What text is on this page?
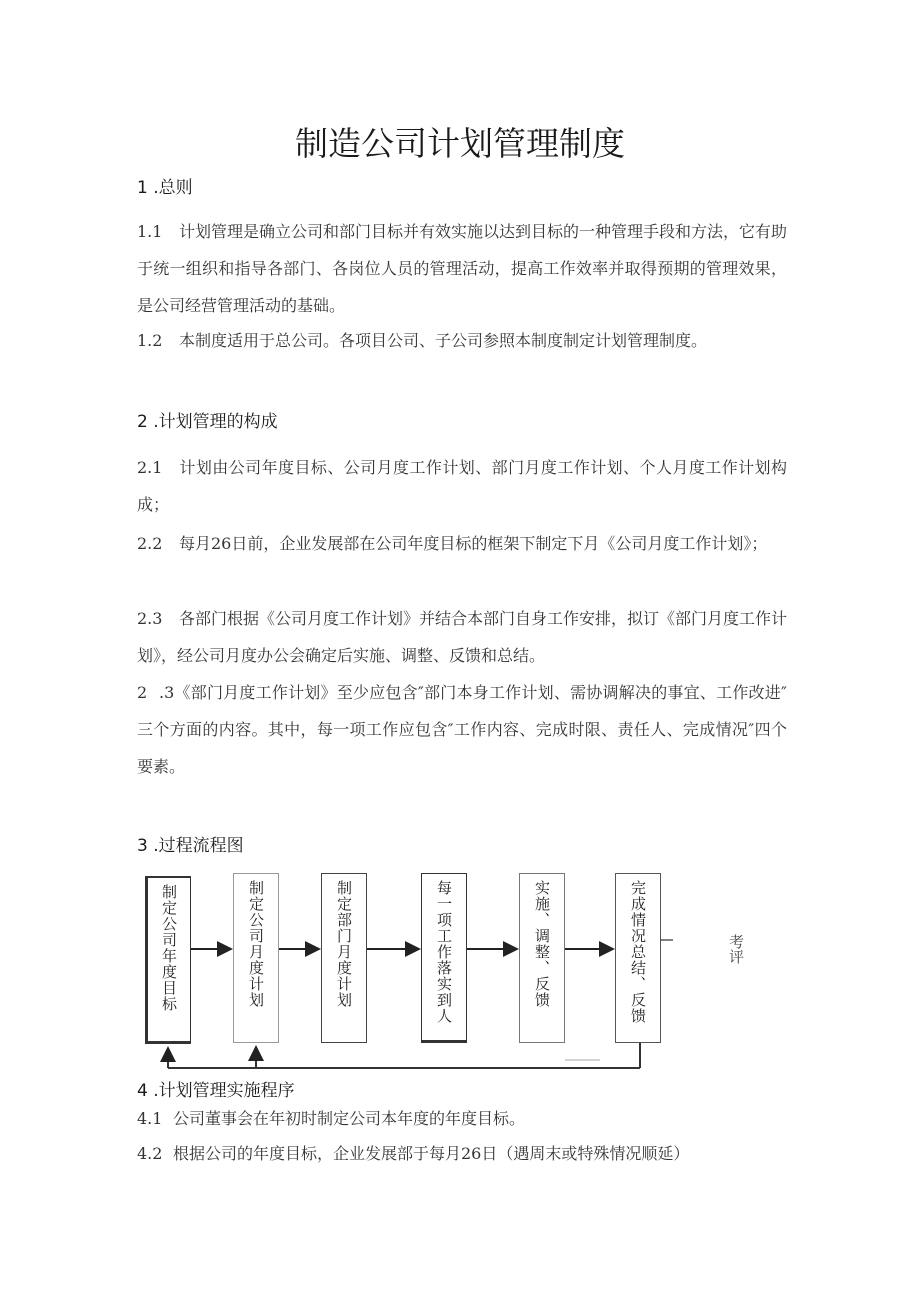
制造公司计划管理制度
1 .总则
1.1 计划管理是确立公司和部门目标并有效实施以达到目标的一种管理手段和方法，它有助于统一组织和指导各部门、各岗位人员的管理活动，提高工作效率并取得预期的管理效果，是公司经营管理活动的基础。
1.2 本制度适用于总公司。各项目公司、子公司参照本制度制定计划管理制度。
2 .计划管理的构成
2.1 计划由公司年度目标、公司月度工作计划、部门月度工作计划、个人月度工作计划构成；
2.2 每月26日前，企业发展部在公司年度目标的框架下制定下月《公司月度工作计划》；
2.3 各部门根据《公司月度工作计划》并结合本部门自身工作安排，拟订《部门月度工作计划》，经公司月度办公会确定后实施、调整、反馈和总结。
2 .3《部门月度工作计划》至少应包含″部门本身工作计划、需协调解决的事宜、工作改进″三个方面的内容。其中，每一项工作应包含″工作内容、完成时限、责任人、完成情况″四个要素。
3 .过程流程图
制定公司年度目标	制定公司月度计划	制定部门月度计划	每一项工作落实到人	实施、调整、反馈	完成情况总结、反馈	考评
4 .计划管理实施程序
4.1 公司董事会在年初时制定公司本年度的年度目标。
4.2 根据公司的年度目标，企业发展部于每月26日（遇周末或特殊情况顺延）
